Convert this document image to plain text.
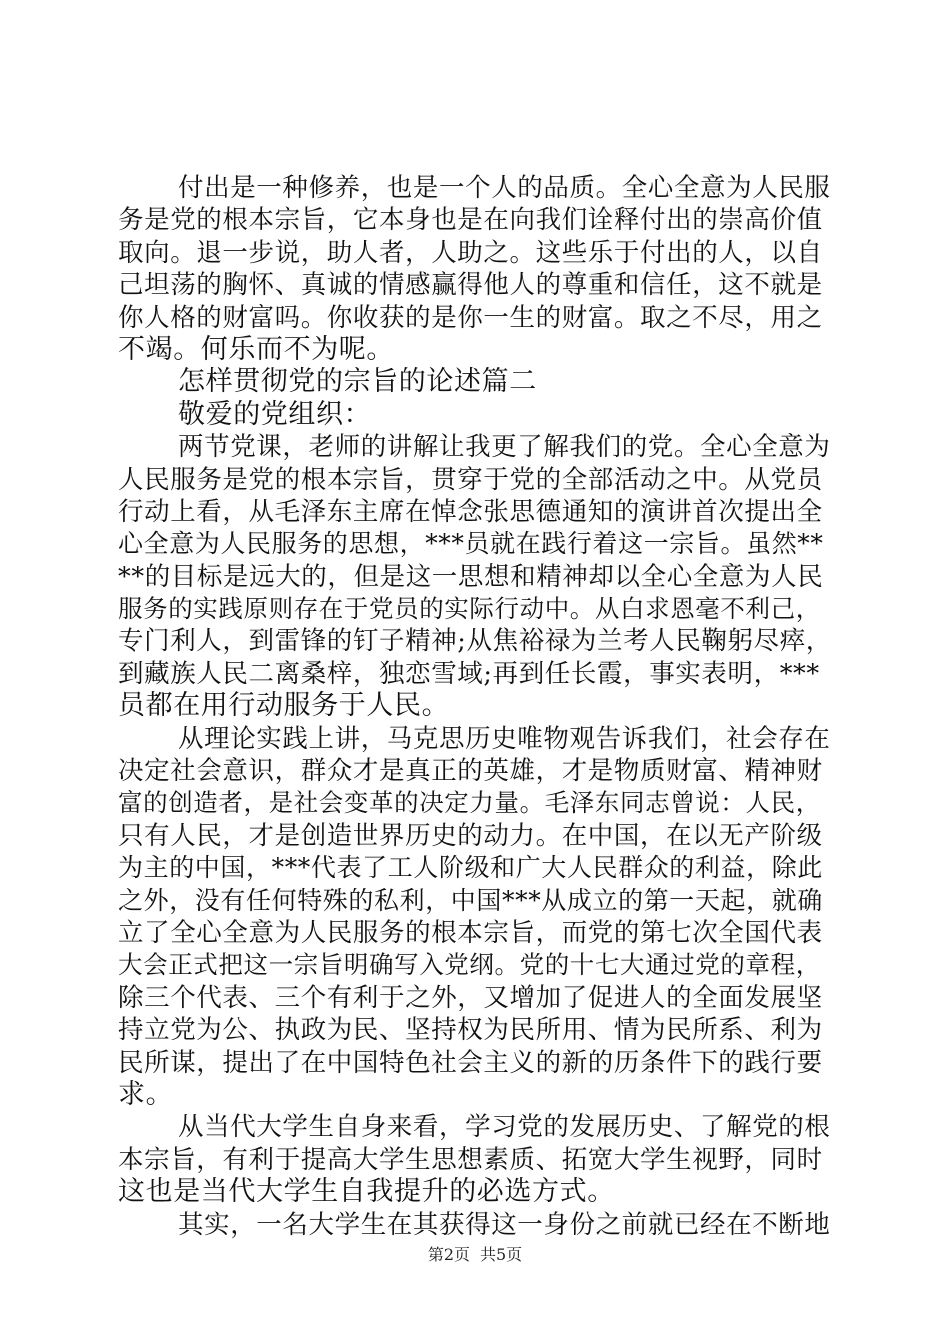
付出是一种修养，也是一个人的品质。全心全意为人民服
务是党的根本宗旨，它本身也是在向我们诠释付出的崇高价值
取向。退一步说，助人者，人助之。这些乐于付出的人，以自
己坦荡的胸怀、真诚的情感赢得他人的尊重和信任，这不就是
你人格的财富吗。你收获的是你一生的财富。取之不尽，用之
不竭。何乐而不为呢。
怎样贯彻党的宗旨的论述篇二
敬爱的党组织：
两节党课，老师的讲解让我更了解我们的党。全心全意为
人民服务是党的根本宗旨，贯穿于党的全部活动之中。从党员
行动上看，从毛泽东主席在悼念张思德通知的演讲首次提出全
心全意为人民服务的思想，***员就在践行着这一宗旨。虽然**
**的目标是远大的，但是这一思想和精神却以全心全意为人民
服务的实践原则存在于党员的实际行动中。从白求恩毫不利己，
专门利人，到雷锋的钉子精神;从焦裕禄为兰考人民鞠躬尽瘁，
到藏族人民二离桑梓，独恋雪域;再到任长霞，事实表明，***
员都在用行动服务于人民。
从理论实践上讲，马克思历史唯物观告诉我们，社会存在
决定社会意识，群众才是真正的英雄，才是物质财富、精神财
富的创造者，是社会变革的决定力量。毛泽东同志曾说：人民，
只有人民，才是创造世界历史的动力。在中国，在以无产阶级
为主的中国，***代表了工人阶级和广大人民群众的利益，除此
之外，没有任何特殊的私利，中国***从成立的第一天起，就确
立了全心全意为人民服务的根本宗旨，而党的第七次全国代表
大会正式把这一宗旨明确写入党纲。党的十七大通过党的章程，
除三个代表、三个有利于之外，又增加了促进人的全面发展坚
持立党为公、执政为民、坚持权为民所用、情为民所系、利为
民所谋，提出了在中国特色社会主义的新的历条件下的践行要
求。
从当代大学生自身来看，学习党的发展历史、了解党的根
本宗旨，有利于提高大学生思想素质、拓宽大学生视野，同时
这也是当代大学生自我提升的必选方式。
其实，一名大学生在其获得这一身份之前就已经在不断地
第2页 共5页
